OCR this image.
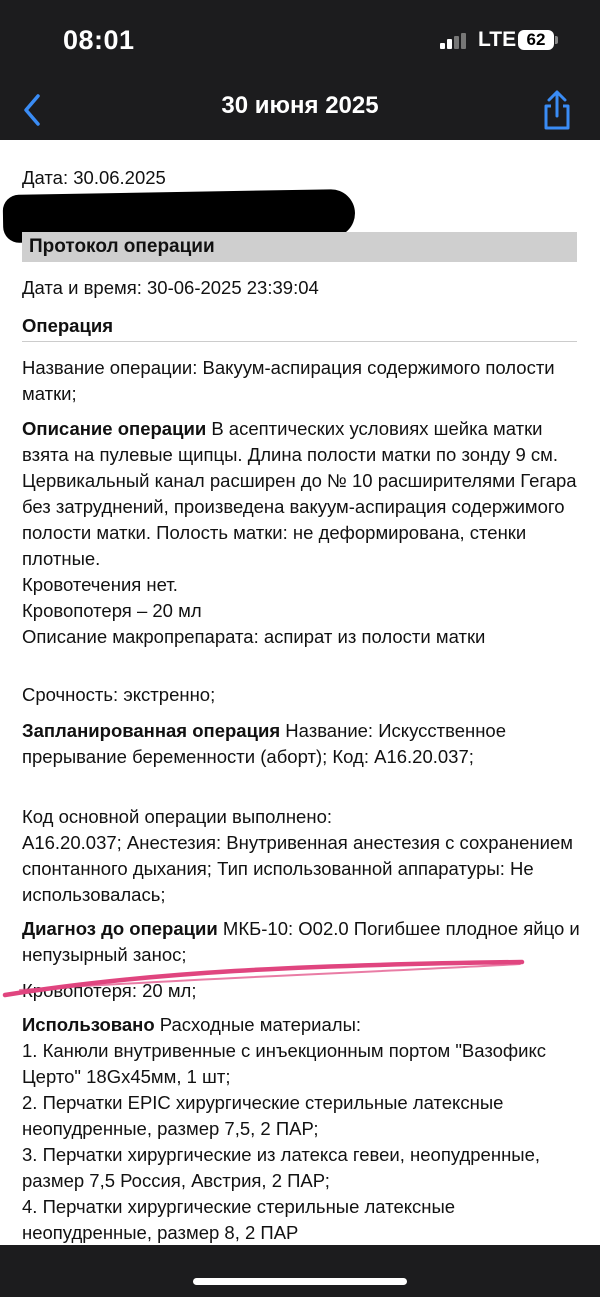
08:01	LTE 62
30 июня 2025

Дата: 30.06.2025

Протокол операции

Дата и время: 30-06-2025 23:39:04

Операция

Название операции: Вакуум-аспирация содержимого полости матки;

Описание операции В асептических условиях шейка матки взята на пулевые щипцы. Длина полости матки по зонду 9 см.

Цервикальный канал расширен до № 10 расширителями Гегара без затруднений, произведена вакуум-аспирация содержимого полости матки. Полость матки: не деформирована, стенки плотные.

Кровотечения нет.

Кровопотеря – 20 мл

Описание макропрепарата: аспират из полости матки

Срочность: экстренно;

Запланированная операция Название: Искусственное прерывание беременности (аборт); Код: A16.20.037;

Код основной операции выполнено:

A16.20.037; Анестезия: Внутривенная анестезия с сохранением спонтанного дыхания; Тип использованной аппаратуры: Не использовалась;

Диагноз до операции МКБ-10: O02.0 Погибшее плодное яйцо и непузырный занос;

Кровопотеря: 20 мл;

Использовано Расходные материалы:

1. Канюли внутривенные с инъекционным портом "Вазофикс Церто" 18Gx45мм, 1 шт;

2. Перчатки EPIC хирургические стерильные латексные неопудренные, размер 7,5, 2 ПАР;

3. Перчатки хирургические из латекса гевеи, неопудренные, размер 7,5 Россия, Австрия, 2 ПАР;

4. Перчатки хирургические стерильные латексные неопудренные, размер 8, 2 ПАР
